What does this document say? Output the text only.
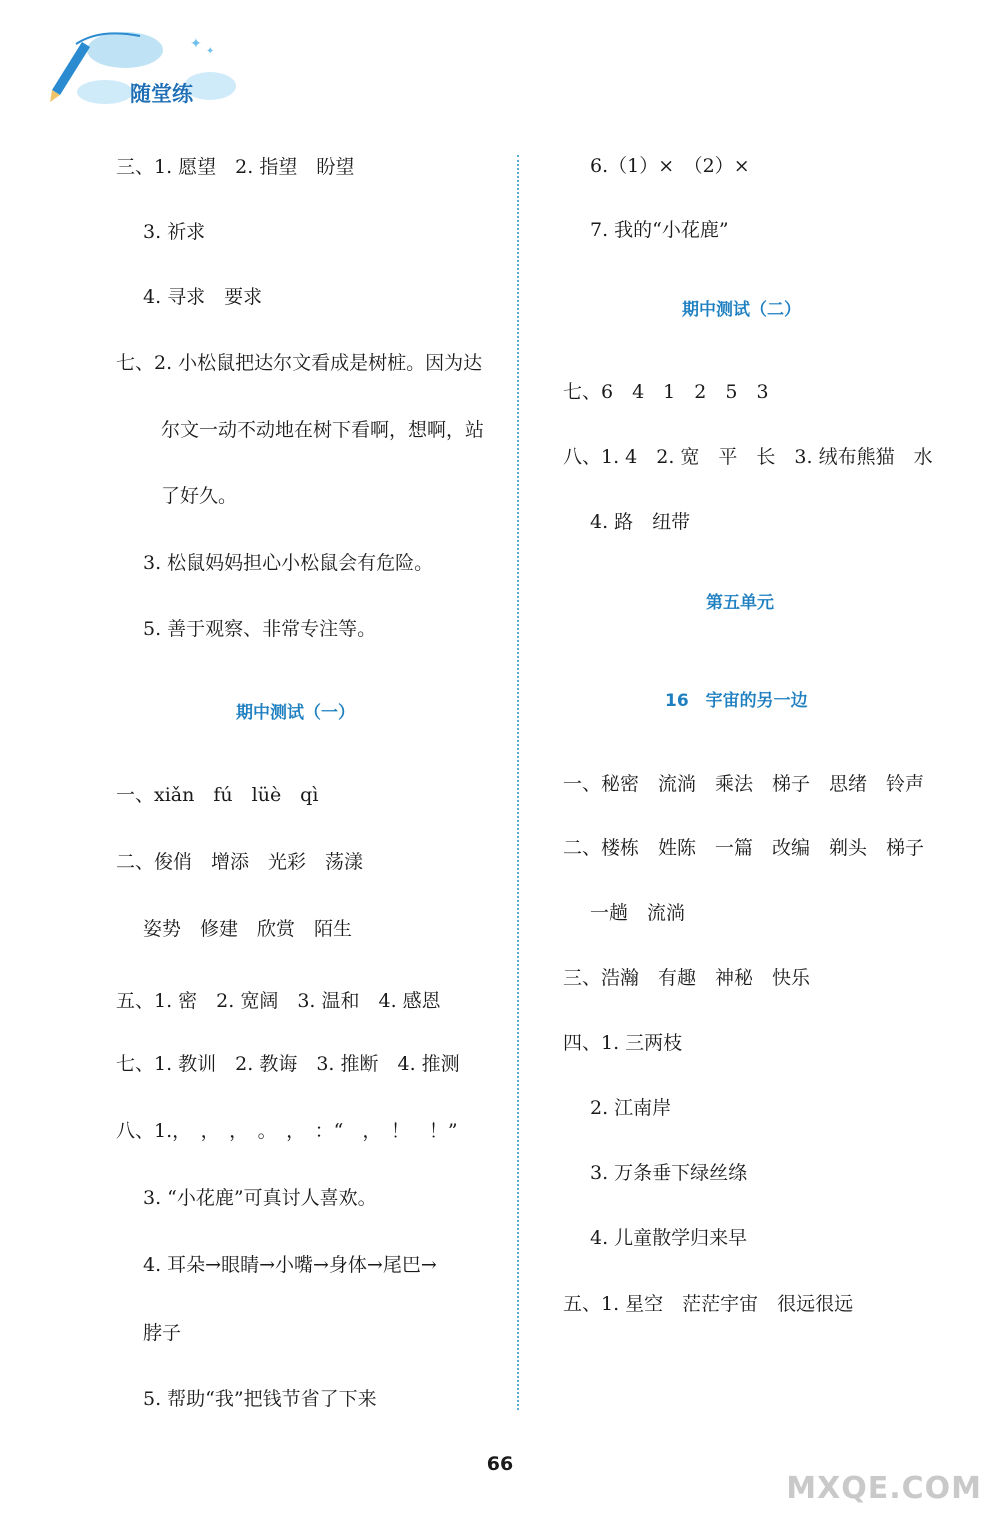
✦ ✦
随堂练
三、1. 愿望　2. 指望　盼望
3. 祈求
4. 寻求　要求
七、2. 小松鼠把达尔文看成是树桩。因为达
尔文一动不动地在树下看啊，想啊，站
了好久。
3. 松鼠妈妈担心小松鼠会有危险。
5. 善于观察、非常专注等。
期中测试（一）
一、xiǎn　fú　lüè　qì
二、俊俏　增添　光彩　荡漾
姿势　修建　欣赏　陌生
五、1. 密　2. 宽阔　3. 温和　4. 感恩
七、1. 教训　2. 教诲　3. 推断　4. 推测
八、1.，　，　，　。　，　：“　，　！　！”
3. “小花鹿”可真讨人喜欢。
4. 耳朵→眼睛→小嘴→身体→尾巴→
脖子
5. 帮助“我”把钱节省了下来
6.（1）×　（2）×
7. 我的“小花鹿”
期中测试（二）
七、6　4　1　2　5　3
八、1. 4　2. 宽　平　长　3. 绒布熊猫　水
4. 路　纽带
第五单元
16　宇宙的另一边
一、秘密　流淌　乘法　梯子　思绪　铃声
二、楼栋　姓陈　一篇　改编　剃头　梯子
一趟　流淌
三、浩瀚　有趣　神秘　快乐
四、1. 三两枝
2. 江南岸
3. 万条垂下绿丝绦
4. 儿童散学归来早
五、1. 星空　茫茫宇宙　很远很远
66
MXQE.COM
